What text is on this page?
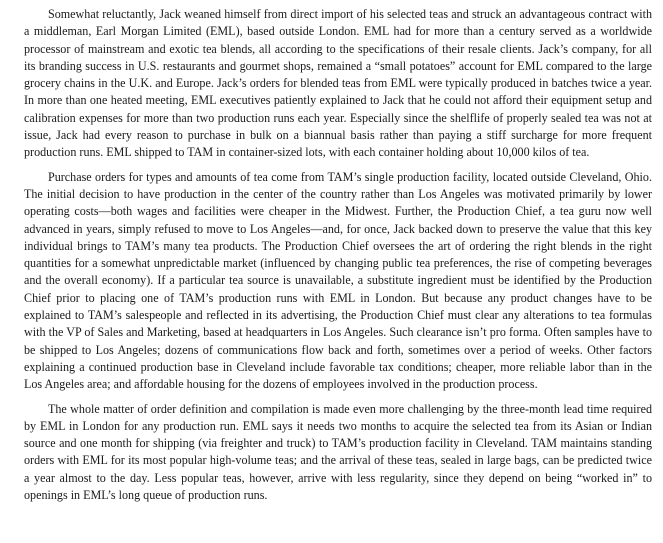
Somewhat reluctantly, Jack weaned himself from direct import of his selected teas and struck an advantageous contract with a middleman, Earl Morgan Limited (EML), based outside London. EML had for more than a century served as a worldwide processor of mainstream and exotic tea blends, all according to the specifications of their resale clients. Jack’s company, for all its branding success in U.S. restaurants and gourmet shops, remained a “small potatoes” account for EML compared to the large grocery chains in the U.K. and Europe. Jack’s orders for blended teas from EML were typically produced in batches twice a year. In more than one heated meeting, EML executives patiently explained to Jack that he could not afford their equipment setup and calibration expenses for more than two production runs each year. Especially since the shelflife of properly sealed tea was not at issue, Jack had every reason to purchase in bulk on a biannual basis rather than paying a stiff surcharge for more frequent production runs. EML shipped to TAM in container-sized lots, with each container holding about 10,000 kilos of tea.

Purchase orders for types and amounts of tea come from TAM’s single production facility, located outside Cleveland, Ohio. The initial decision to have production in the center of the country rather than Los Angeles was motivated primarily by lower operating costs—both wages and facilities were cheaper in the Midwest. Further, the Production Chief, a tea guru now well advanced in years, simply refused to move to Los Angeles—and, for once, Jack backed down to preserve the value that this key individual brings to TAM’s many tea products. The Production Chief oversees the art of ordering the right blends in the right quantities for a somewhat unpredictable market (influenced by changing public tea preferences, the rise of competing beverages and the overall economy). If a particular tea source is unavailable, a substitute ingredient must be identified by the Production Chief prior to placing one of TAM’s production runs with EML in London. But because any product changes have to be explained to TAM’s salespeople and reflected in its advertising, the Production Chief must clear any alterations to tea formulas with the VP of Sales and Marketing, based at headquarters in Los Angeles. Such clearance isn’t pro forma. Often samples have to be shipped to Los Angeles; dozens of communications flow back and forth, sometimes over a period of weeks. Other factors explaining a continued production base in Cleveland include favorable tax conditions; cheaper, more reliable labor than in the Los Angeles area; and affordable housing for the dozens of employees involved in the production process.

The whole matter of order definition and compilation is made even more challenging by the three-month lead time required by EML in London for any production run. EML says it needs two months to acquire the selected tea from its Asian or Indian source and one month for shipping (via freighter and truck) to TAM’s production facility in Cleveland. TAM maintains standing orders with EML for its most popular high-volume teas; and the arrival of these teas, sealed in large bags, can be predicted twice a year almost to the day. Less popular teas, however, arrive with less regularity, since they depend on being “worked in” to openings in EML’s long queue of production runs.
